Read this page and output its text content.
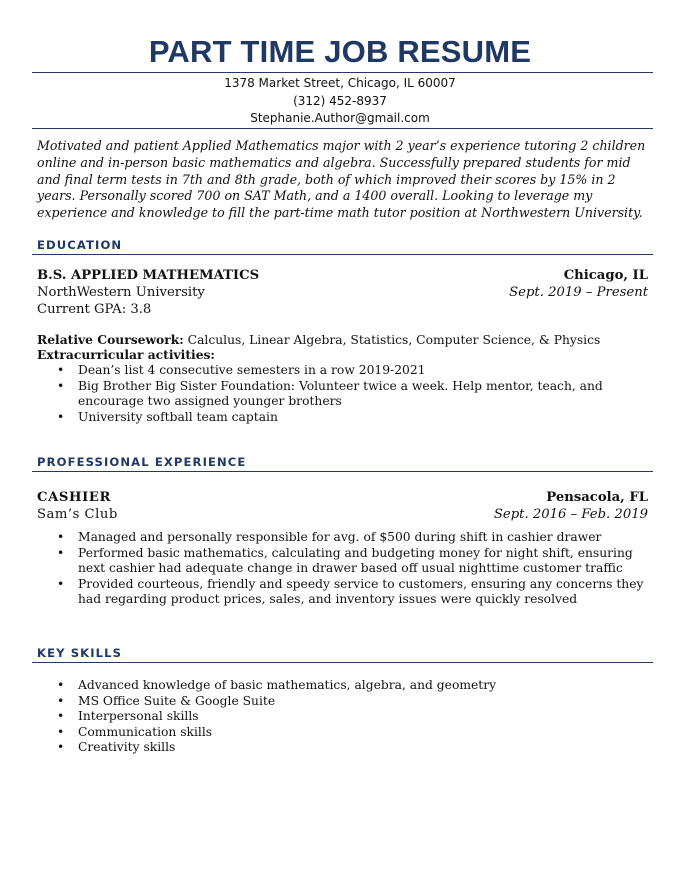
PART TIME JOB RESUME
1378 Market Street, Chicago, IL 60007
(312) 452-8937
Stephanie.Author@gmail.com
Motivated and patient Applied Mathematics major with 2 year’s experience tutoring 2 children online and in-person basic mathematics and algebra. Successfully prepared students for mid and final term tests in 7th and 8th grade, both of which improved their scores by 15% in 2 years. Personally scored 700 on SAT Math, and a 1400 overall. Looking to leverage my experience and knowledge to fill the part-time math tutor position at Northwestern University.
EDUCATION
B.S. APPLIED MATHEMATICS	Chicago, IL
NorthWestern University	Sept. 2019 – Present
Current GPA: 3.8
Relative Coursework: Calculus, Linear Algebra, Statistics, Computer Science, & Physics
Extracurricular activities:
• Dean’s list 4 consecutive semesters in a row 2019-2021
• Big Brother Big Sister Foundation: Volunteer twice a week. Help mentor, teach, and encourage two assigned younger brothers
• University softball team captain
PROFESSIONAL EXPERIENCE
CASHIER	Pensacola, FL
Sam’s Club	Sept. 2016 – Feb. 2019
• Managed and personally responsible for avg. of $500 during shift in cashier drawer
• Performed basic mathematics, calculating and budgeting money for night shift, ensuring next cashier had adequate change in drawer based off usual nighttime customer traffic
• Provided courteous, friendly and speedy service to customers, ensuring any concerns they had regarding product prices, sales, and inventory issues were quickly resolved
KEY SKILLS
• Advanced knowledge of basic mathematics, algebra, and geometry
• MS Office Suite & Google Suite
• Interpersonal skills
• Communication skills
• Creativity skills
